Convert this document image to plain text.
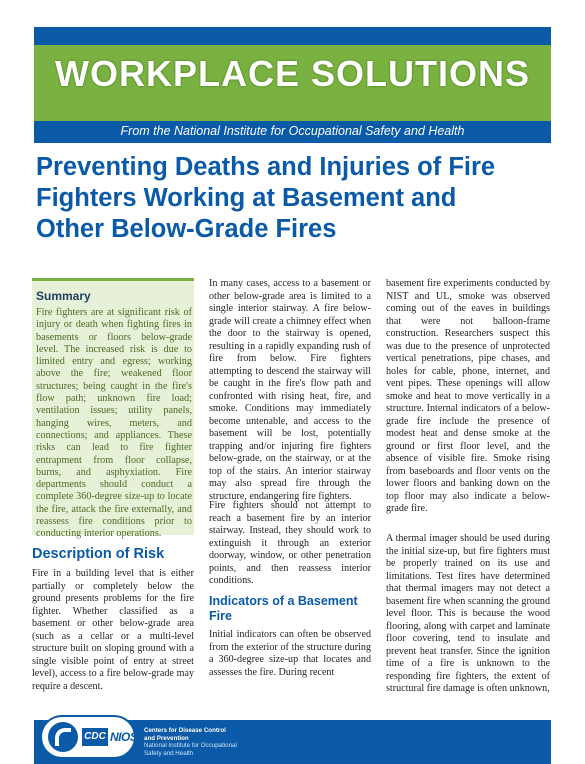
WORKPLACE SOLUTIONS
From the National Institute for Occupational Safety and Health
Preventing Deaths and Injuries of Fire
Fighters Working at Basement and
Other Below-Grade Fires
Summary

Fire fighters are at significant risk of injury or death when fighting fires in basements or floors below-grade level. The increased risk is due to limited entry and egress; working above the fire; weakened floor structures; being caught in the fire's flow path; unknown fire load; ventilation issues; utility panels, hanging wires, meters, and connections; and appliances. These risks can lead to fire fighter entrapment from floor collapse, burns, and asphyxiation. Fire departments should conduct a complete 360-degree size-up to locate the fire, attack the fire externally, and reassess fire conditions prior to conducting interior operations.

Description of Risk

Fire in a building level that is either partially or completely below the ground presents problems for the fire fighter. Whether classified as a basement or other below-grade area (such as a cellar or a multi-level structure built on sloping ground with a single visible point of entry at street level), access to a fire below-grade may require a descent.

In many cases, access to a basement or other below-grade area is limited to a single interior stairway. A fire below-grade will create a chimney effect when the door to the stairway is opened, resulting in a rapidly expanding rush of fire from below. Fire fighters attempting to descend the stairway will be caught in the fire's flow path and confronted with rising heat, fire, and smoke. Conditions may immediately become untenable, and access to the basement will be lost, potentially trapping and/or injuring fire fighters below-grade, on the stairway, or at the top of the stairs. An interior stairway may also spread fire through the structure, endangering fire fighters.

Fire fighters should not attempt to reach a basement fire by an interior stairway. Instead, they should work to extinguish it through an exterior doorway, window, or other penetration points, and then reassess interior conditions.

Indicators of a Basement Fire

Initial indicators can often be observed from the exterior of the structure during a 360-degree size-up that locates and assesses the fire. During recent

basement fire experiments conducted by NIST and UL, smoke was observed coming out of the eaves in buildings that were not balloon-frame construction. Researchers suspect this was due to the presence of unprotected vertical penetrations, pipe chases, and holes for cable, phone, internet, and vent pipes. These openings will allow smoke and heat to move vertically in a structure. Internal indicators of a below-grade fire include the presence of modest heat and dense smoke at the ground or first floor level, and the absence of visible fire. Smoke rising from baseboards and floor vents on the lower floors and banking down on the top floor may also indicate a below-grade fire.

A thermal imager should be used during the initial size-up, but fire fighters must be properly trained on its use and limitations. Test fires have determined that thermal imagers may not detect a basement fire when scanning the ground level floor. This is because the wood flooring, along with carpet and laminate floor covering, tend to insulate and prevent heat transfer. Since the ignition time of a fire is unknown to the responding fire fighters, the extent of structural fire damage is often unknown,

CDC NIOSH
Centers for Disease Control
and Prevention
National Institute for Occupational
Safety and Health
